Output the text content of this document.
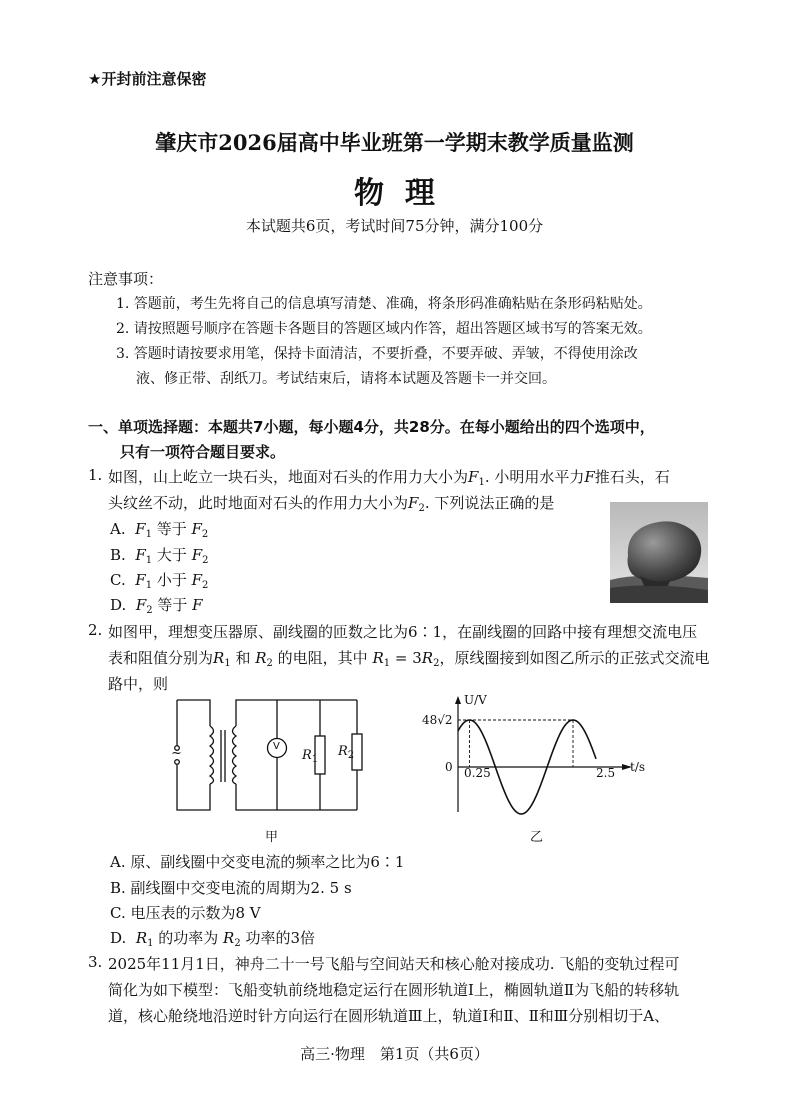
★开封前注意保密
肇庆市2026届高中毕业班第一学期末教学质量监测
物  理
本试题共6页，考试时间75分钟，满分100分
注意事项：
1. 答题前，考生先将自己的信息填写清楚、准确，将条形码准确粘贴在条形码粘贴处。
2. 请按照题号顺序在答题卡各题目的答题区域内作答，超出答题区域书写的答案无效。
3. 答题时请按要求用笔，保持卡面清洁，不要折叠，不要弄破、弄皱，不得使用涂改
液、修正带、刮纸刀。考试结束后，请将本试题及答题卡一并交回。
一、单项选择题：本题共7小题，每小题4分，共28分。在每小题给出的四个选项中，
只有一项符合题目要求。
1. 如图，山上屹立一块石头，地面对石头的作用力大小为$F_1$. 小明用水平力F推石头，石
头纹丝不动，此时地面对石头的作用力大小为$F_2$. 下列说法正确的是
A. $F_1$ 等于 $F_2$
B. $F_1$ 大于 $F_2$
C. $F_1$ 小于 $F_2$
D. $F_2$ 等于 F
2. 如图甲，理想变压器原、副线圈的匝数之比为6∶1，在副线圈的回路中接有理想交流电压
表和阻值分别为$R_1$ 和 $R_2$ 的电阻，其中 $R_1 = 3R_2$，原线圈接到如图乙所示的正弦式交流电
路中，则
~	V
$R_1$
$R_2$
甲
U/V
t/s
0
48√2
0.25	2.5
乙
A. 原、副线圈中交变电流的频率之比为6∶1
B. 副线圈中交变电流的周期为2. 5 s
C. 电压表的示数为8 V
D. $R_1$ 的功率为 $R_2$ 功率的3倍
3. 2025年11月1日，神舟二十一号飞船与空间站天和核心舱对接成功. 飞船的变轨过程可
简化为如下模型：飞船变轨前绕地稳定运行在圆形轨道Ⅰ上，椭圆轨道Ⅱ为飞船的转移轨
道，核心舱绕地沿逆时针方向运行在圆形轨道Ⅲ上，轨道Ⅰ和Ⅱ、Ⅱ和Ⅲ分别相切于A、
高三·物理　第1页（共6页）
